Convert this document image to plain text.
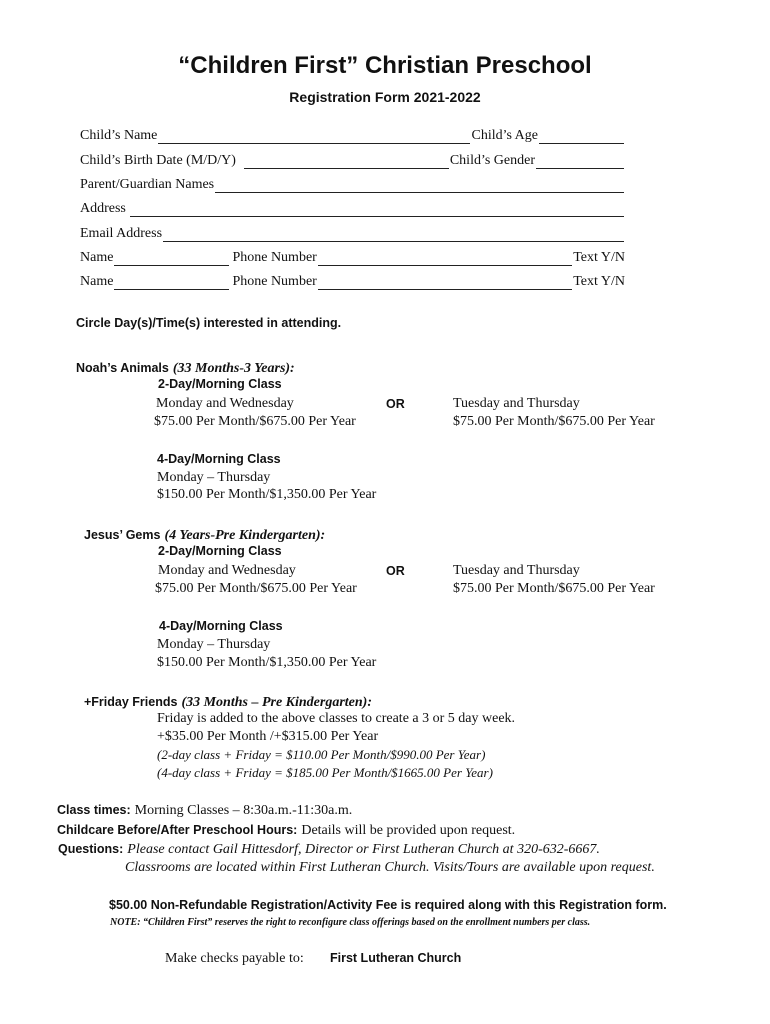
“Children First” Christian Preschool
Registration Form 2021-2022
Child’s Name	Child’s Age
Child’s Birth Date (M/D/Y)	Child’s Gender
Parent/Guardian Names
Address
Email Address
Name	Phone Number	Text Y/N
Name	Phone Number	Text Y/N
Circle Day(s)/Time(s) interested in attending.
Noah’s Animals (33 Months-3 Years):
2-Day/Morning Class
Monday and Wednesday
$75.00 Per Month/$675.00 Per Year
OR	Tuesday and Thursday
$75.00 Per Month/$675.00 Per Year
4-Day/Morning Class
Monday – Thursday
$150.00 Per Month/$1,350.00 Per Year
Jesus’ Gems (4 Years-Pre Kindergarten):
2-Day/Morning Class
Monday and Wednesday
$75.00 Per Month/$675.00 Per Year
OR	Tuesday and Thursday
$75.00 Per Month/$675.00 Per Year
4-Day/Morning Class
Monday – Thursday
$150.00 Per Month/$1,350.00 Per Year
+Friday Friends (33 Months – Pre Kindergarten):
Friday is added to the above classes to create a 3 or 5 day week.
+$35.00 Per Month /+$315.00 Per Year
(2-day class + Friday = $110.00 Per Month/$990.00 Per Year)
(4-day class + Friday = $185.00 Per Month/$1665.00 Per Year)
Class times: Morning Classes – 8:30a.m.-11:30a.m.
Childcare Before/After Preschool Hours: Details will be provided upon request.
Questions: Please contact Gail Hittesdorf, Director or First Lutheran Church at 320-632-6667.
Classrooms are located within First Lutheran Church. Visits/Tours are available upon request.
$50.00 Non-Refundable Registration/Activity Fee is required along with this Registration form.
NOTE: “Children First” reserves the right to reconfigure class offerings based on the enrollment numbers per class.
Make checks payable to: First Lutheran Church
